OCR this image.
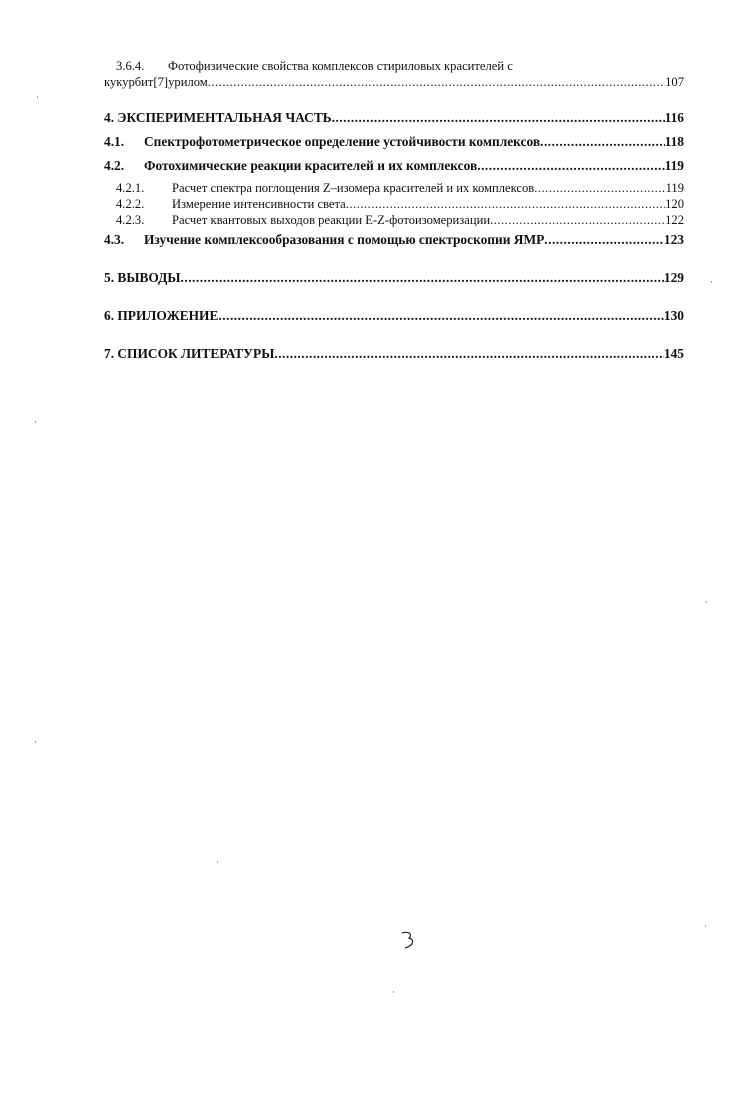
3.6.4. Фотофизические свойства комплексов стириловых красителей с
кукурбит[7]урилом .....	107
4. ЭКСПЕРИМЕНТАЛЬНАЯ ЧАСТЬ .....	116
4.1.	Спектрофотометрическое определение устойчивости комплексов .....	118
4.2.	Фотохимические реакции красителей и их комплексов .....	119
4.2.1.	Расчет спектра поглощения Z–изомера красителей и их комплексов .....	119
4.2.2.	Измерение интенсивности света .....	120
4.2.3.	Расчет квантовых выходов реакции E-Z-фотоизомеризации .....	122
4.3.	Изучение комплексообразования с помощью спектроскопии ЯМР .....	123
5. ВЫВОДЫ .....	129
6. ПРИЛОЖЕНИЕ .....	130
7. СПИСОК ЛИТЕРАТУРЫ .....	145
·
·
·
·
·
·
·
·
